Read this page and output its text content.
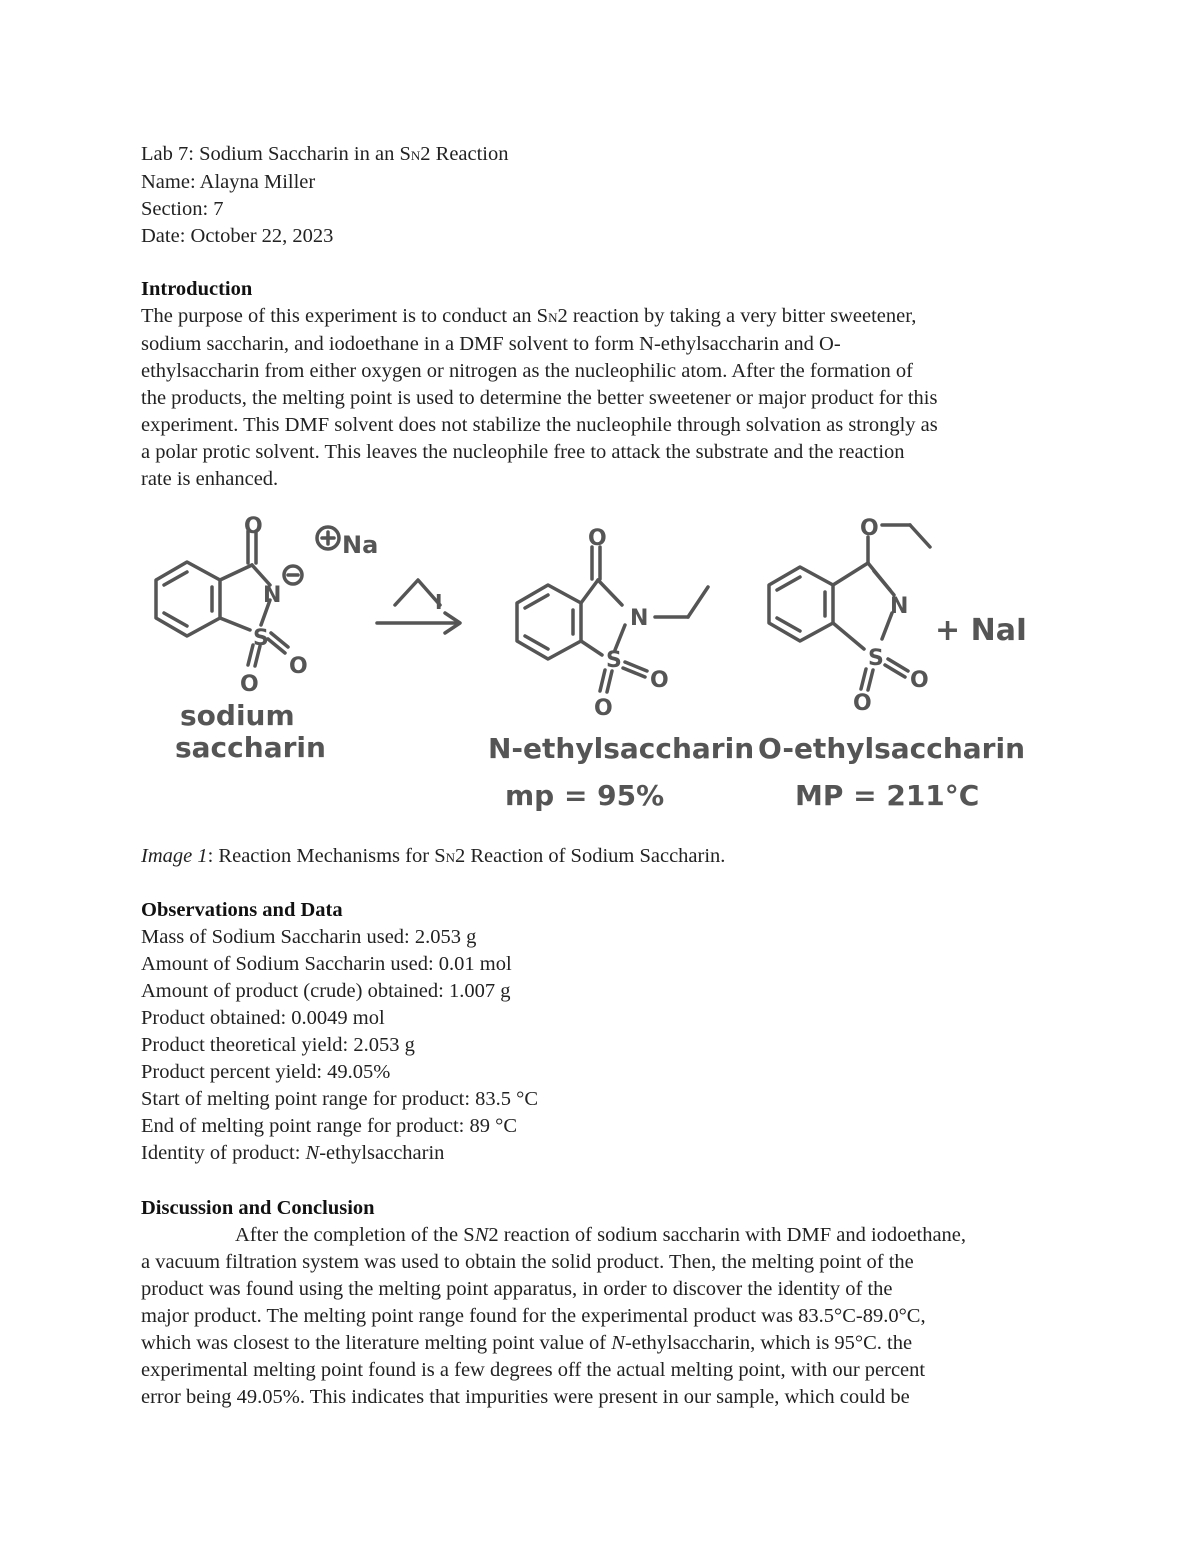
Lab 7: Sodium Saccharin in an SN2 Reaction
Name: Alayna Miller
Section: 7
Date: October 22, 2023
Introduction
The purpose of this experiment is to conduct an SN2 reaction by taking a very bitter sweetener,
sodium saccharin, and iodoethane in a DMF solvent to form N-ethylsaccharin and O-
ethylsaccharin from either oxygen or nitrogen as the nucleophilic atom. After the formation of
the products, the melting point is used to determine the better sweetener or major product for this
experiment. This DMF solvent does not stabilize the nucleophile through solvation as strongly as
a polar protic solvent. This leaves the nucleophile free to attack the substrate and the reaction
rate is enhanced.
O
N
S
O
O
Na
I
O
N
S
O
O
O
N
S
O
O
+ NaI
sodium
saccharin	N-ethylsaccharin
mp = 95%
O-ethylsaccharin
MP = 211°C
Image 1: Reaction Mechanisms for SN2 Reaction of Sodium Saccharin.
Observations and Data
Mass of Sodium Saccharin used: 2.053 g
Amount of Sodium Saccharin used: 0.01 mol
Amount of product (crude) obtained: 1.007 g
Product obtained: 0.0049 mol
Product theoretical yield: 2.053 g
Product percent yield: 49.05%
Start of melting point range for product: 83.5 °C
End of melting point range for product: 89 °C
Identity of product: N-ethylsaccharin
Discussion and Conclusion
After the completion of the SN2 reaction of sodium saccharin with DMF and iodoethane,
a vacuum filtration system was used to obtain the solid product. Then, the melting point of the
product was found using the melting point apparatus, in order to discover the identity of the
major product. The melting point range found for the experimental product was 83.5°C-89.0°C,
which was closest to the literature melting point value of N-ethylsaccharin, which is 95°C. the
experimental melting point found is a few degrees off the actual melting point, with our percent
error being 49.05%. This indicates that impurities were present in our sample, which could be
